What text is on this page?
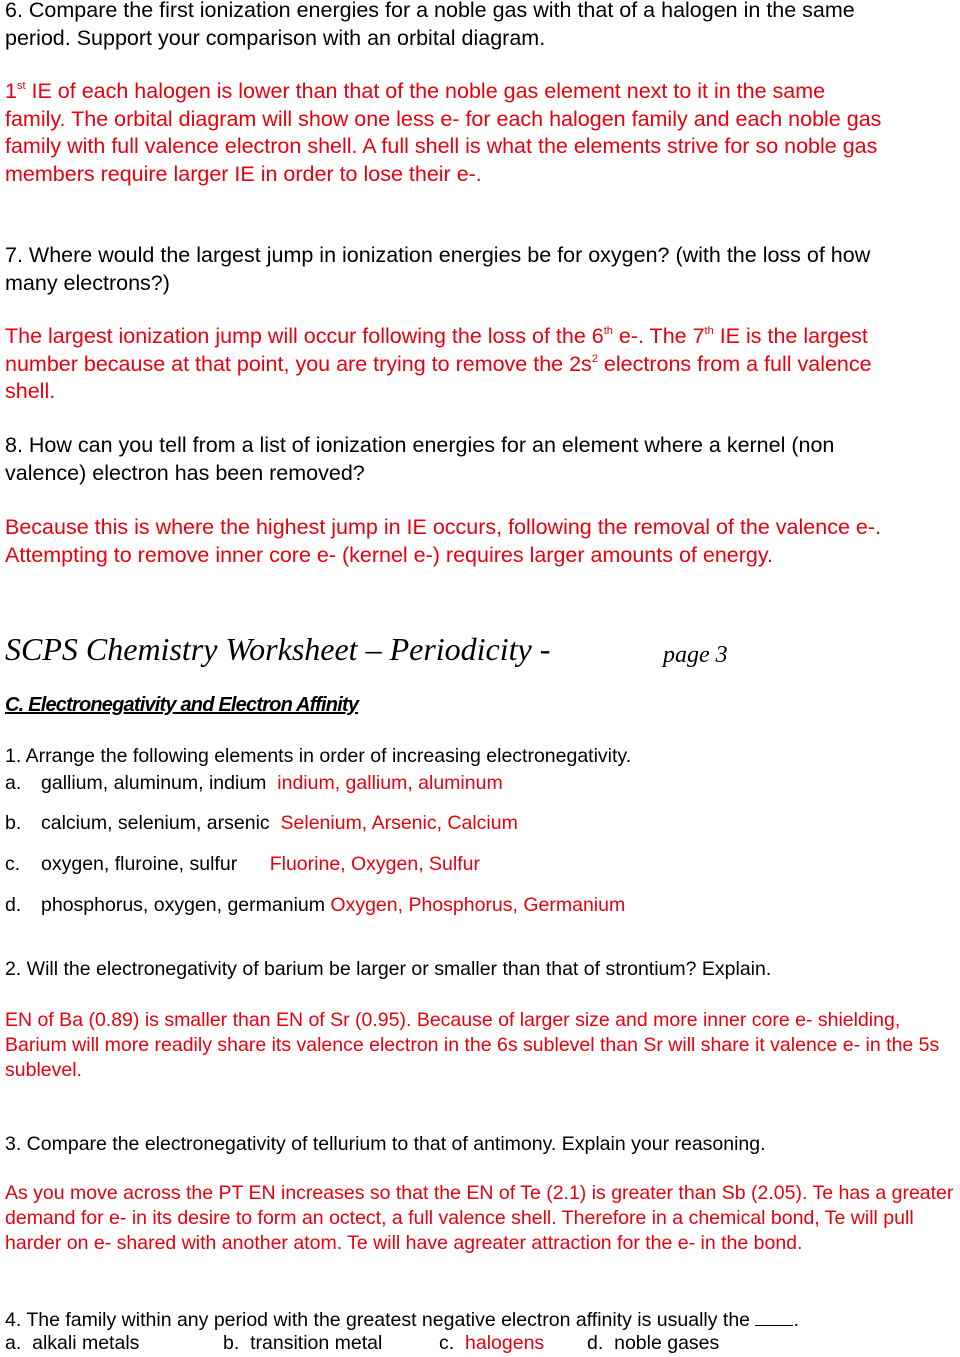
6. Compare the first ionization energies for a noble gas with that of a halogen in the same period. Support your comparison with an orbital diagram.

1st IE of each halogen is lower than that of the noble gas element next to it in the same family. The orbital diagram will show one less e- for each halogen family and each noble gas family with full valence electron shell. A full shell is what the elements strive for so noble gas members require larger IE in order to lose their e-.

7. Where would the largest jump in ionization energies be for oxygen? (with the loss of how many electrons?)

The largest ionization jump will occur following the loss of the 6th e-. The 7th IE is the largest number because at that point, you are trying to remove the $2s^2$ electrons from a full valence shell.

8. How can you tell from a list of ionization energies for an element where a kernel (non valence) electron has been removed?

Because this is where the highest jump in IE occurs, following the removal of the valence e-. Attempting to remove inner core e- (kernel e-) requires larger amounts of energy.

SCPS Chemistry Worksheet – Periodicity -	page 3

C. Electronegativity and Electron Affinity

1. Arrange the following elements in order of increasing electronegativity.

a. gallium, aluminum, indium indium, gallium, aluminum
b. calcium, selenium, arsenic Selenium, Arsenic, Calcium
c. oxygen, fluroine, sulfur Fluorine, Oxygen, Sulfur
d. phosphorus, oxygen, germanium Oxygen, Phosphorus, Germanium

2. Will the electronegativity of barium be larger or smaller than that of strontium? Explain.

EN of Ba (0.89) is smaller than EN of Sr (0.95). Because of larger size and more inner core e- shielding, Barium will more readily share its valence electron in the 6s sublevel than Sr will share it valence e- in the 5s sublevel.

3. Compare the electronegativity of tellurium to that of antimony. Explain your reasoning.

As you move across the PT EN increases so that the EN of Te (2.1) is greater than Sb (2.05). Te has a greater demand for e- in its desire to form an octect, a full valence shell. Therefore in a chemical bond, Te will pull harder on e- shared with another atom. Te will have agreater attraction for the e- in the bond.

4. The family within any period with the greatest negative electron affinity is usually the .

a. alkali metals	b. transition metal	c. halogens d. noble gases
